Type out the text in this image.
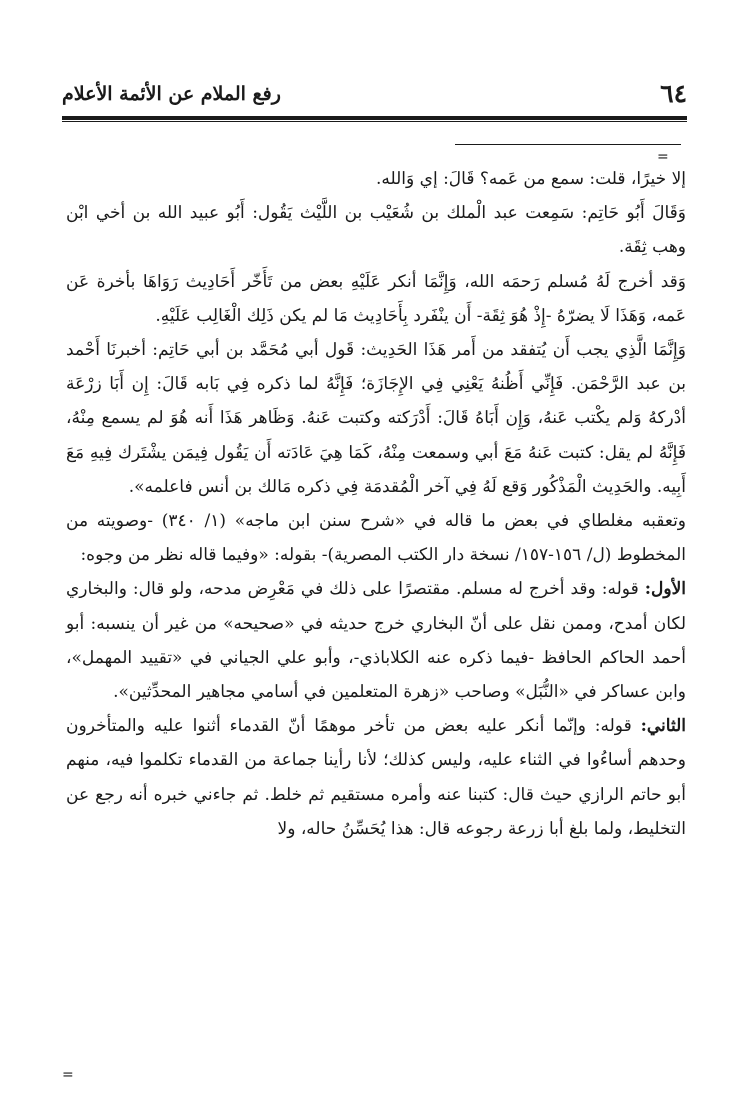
٦٤
رفع الملام عن الأئمة الأعلام
=

إلا خيرًا، قلت: سمع من عَمه؟ قَالَ: إي وَالله.

وَقَالَ أَبُو حَاتِم: سَمِعت عبد الْملك بن شُعَيْب بن اللَّيْث يَقُول: أَبُو عبيد الله بن أخي ابْن وهب ثِقَة.

وَقد أخرج لَهُ مُسلم رَحمَه الله، وَإِنَّمَا أنكر عَلَيْهِ بعض من تَأَخّر أَحَادِيث رَوَاهَا بأخرة عَن عَمه، وَهَذَا لَا يضرّهُ -إِذْ هُوَ ثِقَة- أَن ينْفَرد بِأَحَادِيث مَا لم يكن ذَلِك الْغَالِب عَلَيْهِ.

وَإِنَّمَا الَّذِي يجب أَن يُتفقد من أَمر هَذَا الحَدِيث: قَول أبي مُحَمَّد بن أبي حَاتِم: أخبرنَا أَحْمد بن عبد الرَّحْمَن. فَإِنِّي أَظُنهُ يَعْنِي فِي الإِجَازَة؛ فَإِنَّهُ لما ذكره فِي بَابه قَالَ: إِن أَبَا زرْعَة أدْركهُ وَلم يكْتب عَنهُ، وَإِن أَبَاهُ قَالَ: أَدْرَكته وكتبت عَنهُ. وَظَاهر هَذَا أَنه هُوَ لم يسمع مِنْهُ، فَإِنَّهُ لم يقل: كتبت عَنهُ مَعَ أبي وسمعت مِنْهُ، كَمَا هِيَ عَادَته أَن يَقُول فِيمَن يشْتَرك فِيهِ مَعَ أَبِيه. والحَدِيث الْمَذْكُور وَقع لَهُ فِي آخر الْمُقدمَة فِي ذكره مَالك بن أنس فاعلمه».

وتعقبه مغلطاي في بعض ما قاله في «شرح سنن ابن ماجه» (١/ ٣٤٠) -وصويته من المخطوط (ل/ ١٥٦-١٥٧/ نسخة دار الكتب المصرية)- بقوله: «وفيما قاله نظر من وجوه:

الأول: قوله: وقد أخرج له مسلم. مقتصرًا على ذلك في مَعْرِض مدحه، ولو قال: والبخاري لكان أمدح، وممن نقل على أنّ البخاري خرج حديثه في «صحيحه» من غير أن ينسبه: أبو أحمد الحاكم الحافظ -فيما ذكره عنه الكلاباذي-، وأبو علي الجياني في «تقييد المهمل»، وابن عساكر في «النُّبَل» وصاحب «زهرة المتعلمين في أسامي مجاهير المحدِّثين».

الثاني: قوله: وإنّما أنكر عليه بعض من تأخر موهمًا أنّ القدماء أثنوا عليه والمتأخرون وحدهم أساءُوا في الثناء عليه، وليس كذلك؛ لأنا رأينا جماعة من القدماء تكلموا فيه، منهم أبو حاتم الرازي حيث قال: كتبنا عنه وأمره مستقيم ثم خلط. ثم جاءني خبره أنه رجع عن التخليط، ولما بلغ أبا زرعة رجوعه قال: هذا يُحَسِّنُ حاله، ولا

=
